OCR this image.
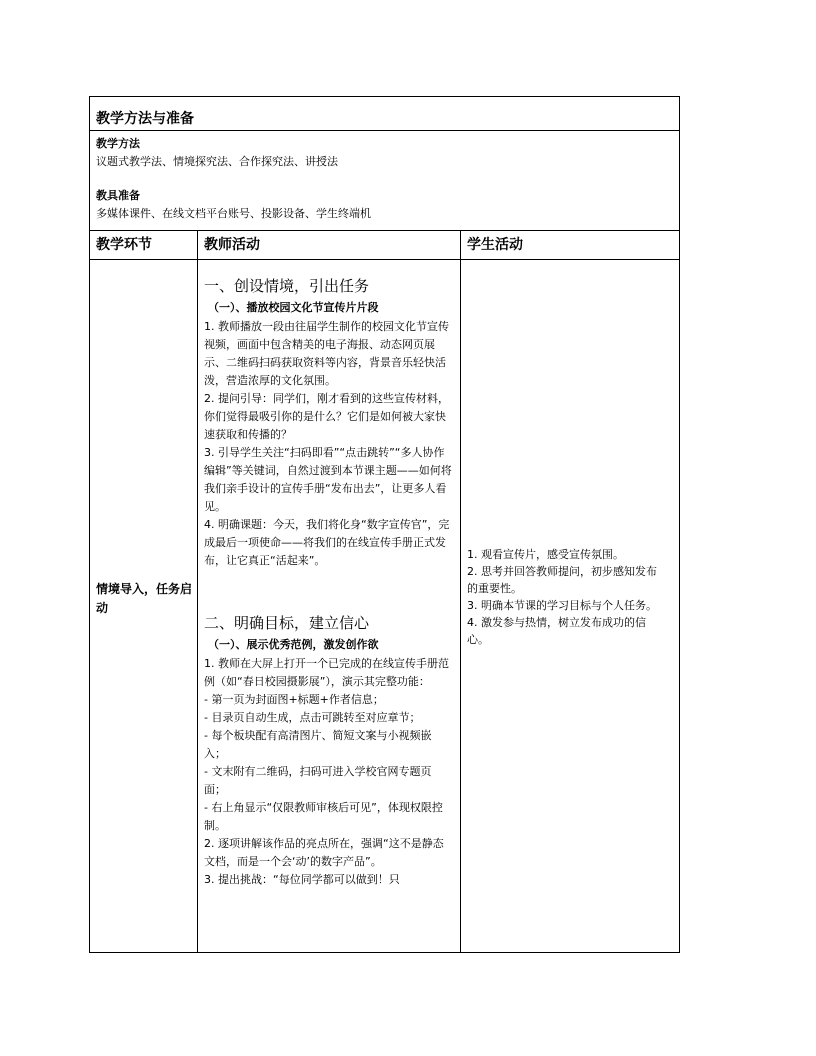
教学方法与准备
教学方法
议题式教学法、情境探究法、合作探究法、讲授法
教具准备
多媒体课件、在线文档平台账号、投影设备、学生终端机
教学环节	教师活动	学生活动
情境导入，任务启动
一、创设情境，引出任务
（一）、播放校园文化节宣传片片段

1. 教师播放一段由往届学生制作的校园文化节宣传视频，画面中包含精美的电子海报、动态网页展示、二维码扫码获取资料等内容，背景音乐轻快活泼，营造浓厚的文化氛围。

2. 提问引导：同学们，刚才看到的这些宣传材料，你们觉得最吸引你的是什么？它们是如何被大家快速获取和传播的？

3. 引导学生关注“扫码即看”“点击跳转”“多人协作编辑”等关键词，自然过渡到本节课主题——如何将我们亲手设计的宣传手册“发布出去”，让更多人看见。

4. 明确课题：今天，我们将化身“数字宣传官”，完成最后一项使命——将我们的在线宣传手册正式发布，让它真正“活起来”。

二、明确目标，建立信心
（一）、展示优秀范例，激发创作欲

1. 教师在大屏上打开一个已完成的在线宣传手册范例（如“春日校园摄影展”），演示其完整功能：

- 第一页为封面图+标题+作者信息；

- 目录页自动生成，点击可跳转至对应章节；

- 每个板块配有高清图片、简短文案与小视频嵌入；

- 文末附有二维码，扫码可进入学校官网专题页面；

- 右上角显示“仅限教师审核后可见”，体现权限控制。

2. 逐项讲解该作品的亮点所在，强调“这不是静态文档，而是一个会‘动’的数字产品”。

3. 提出挑战：“每位同学都可以做到！只

1. 观看宣传片，感受宣传氛围。

2. 思考并回答教师提问，初步感知发布的重要性。

3. 明确本节课的学习目标与个人任务。

4. 激发参与热情，树立发布成功的信心。
